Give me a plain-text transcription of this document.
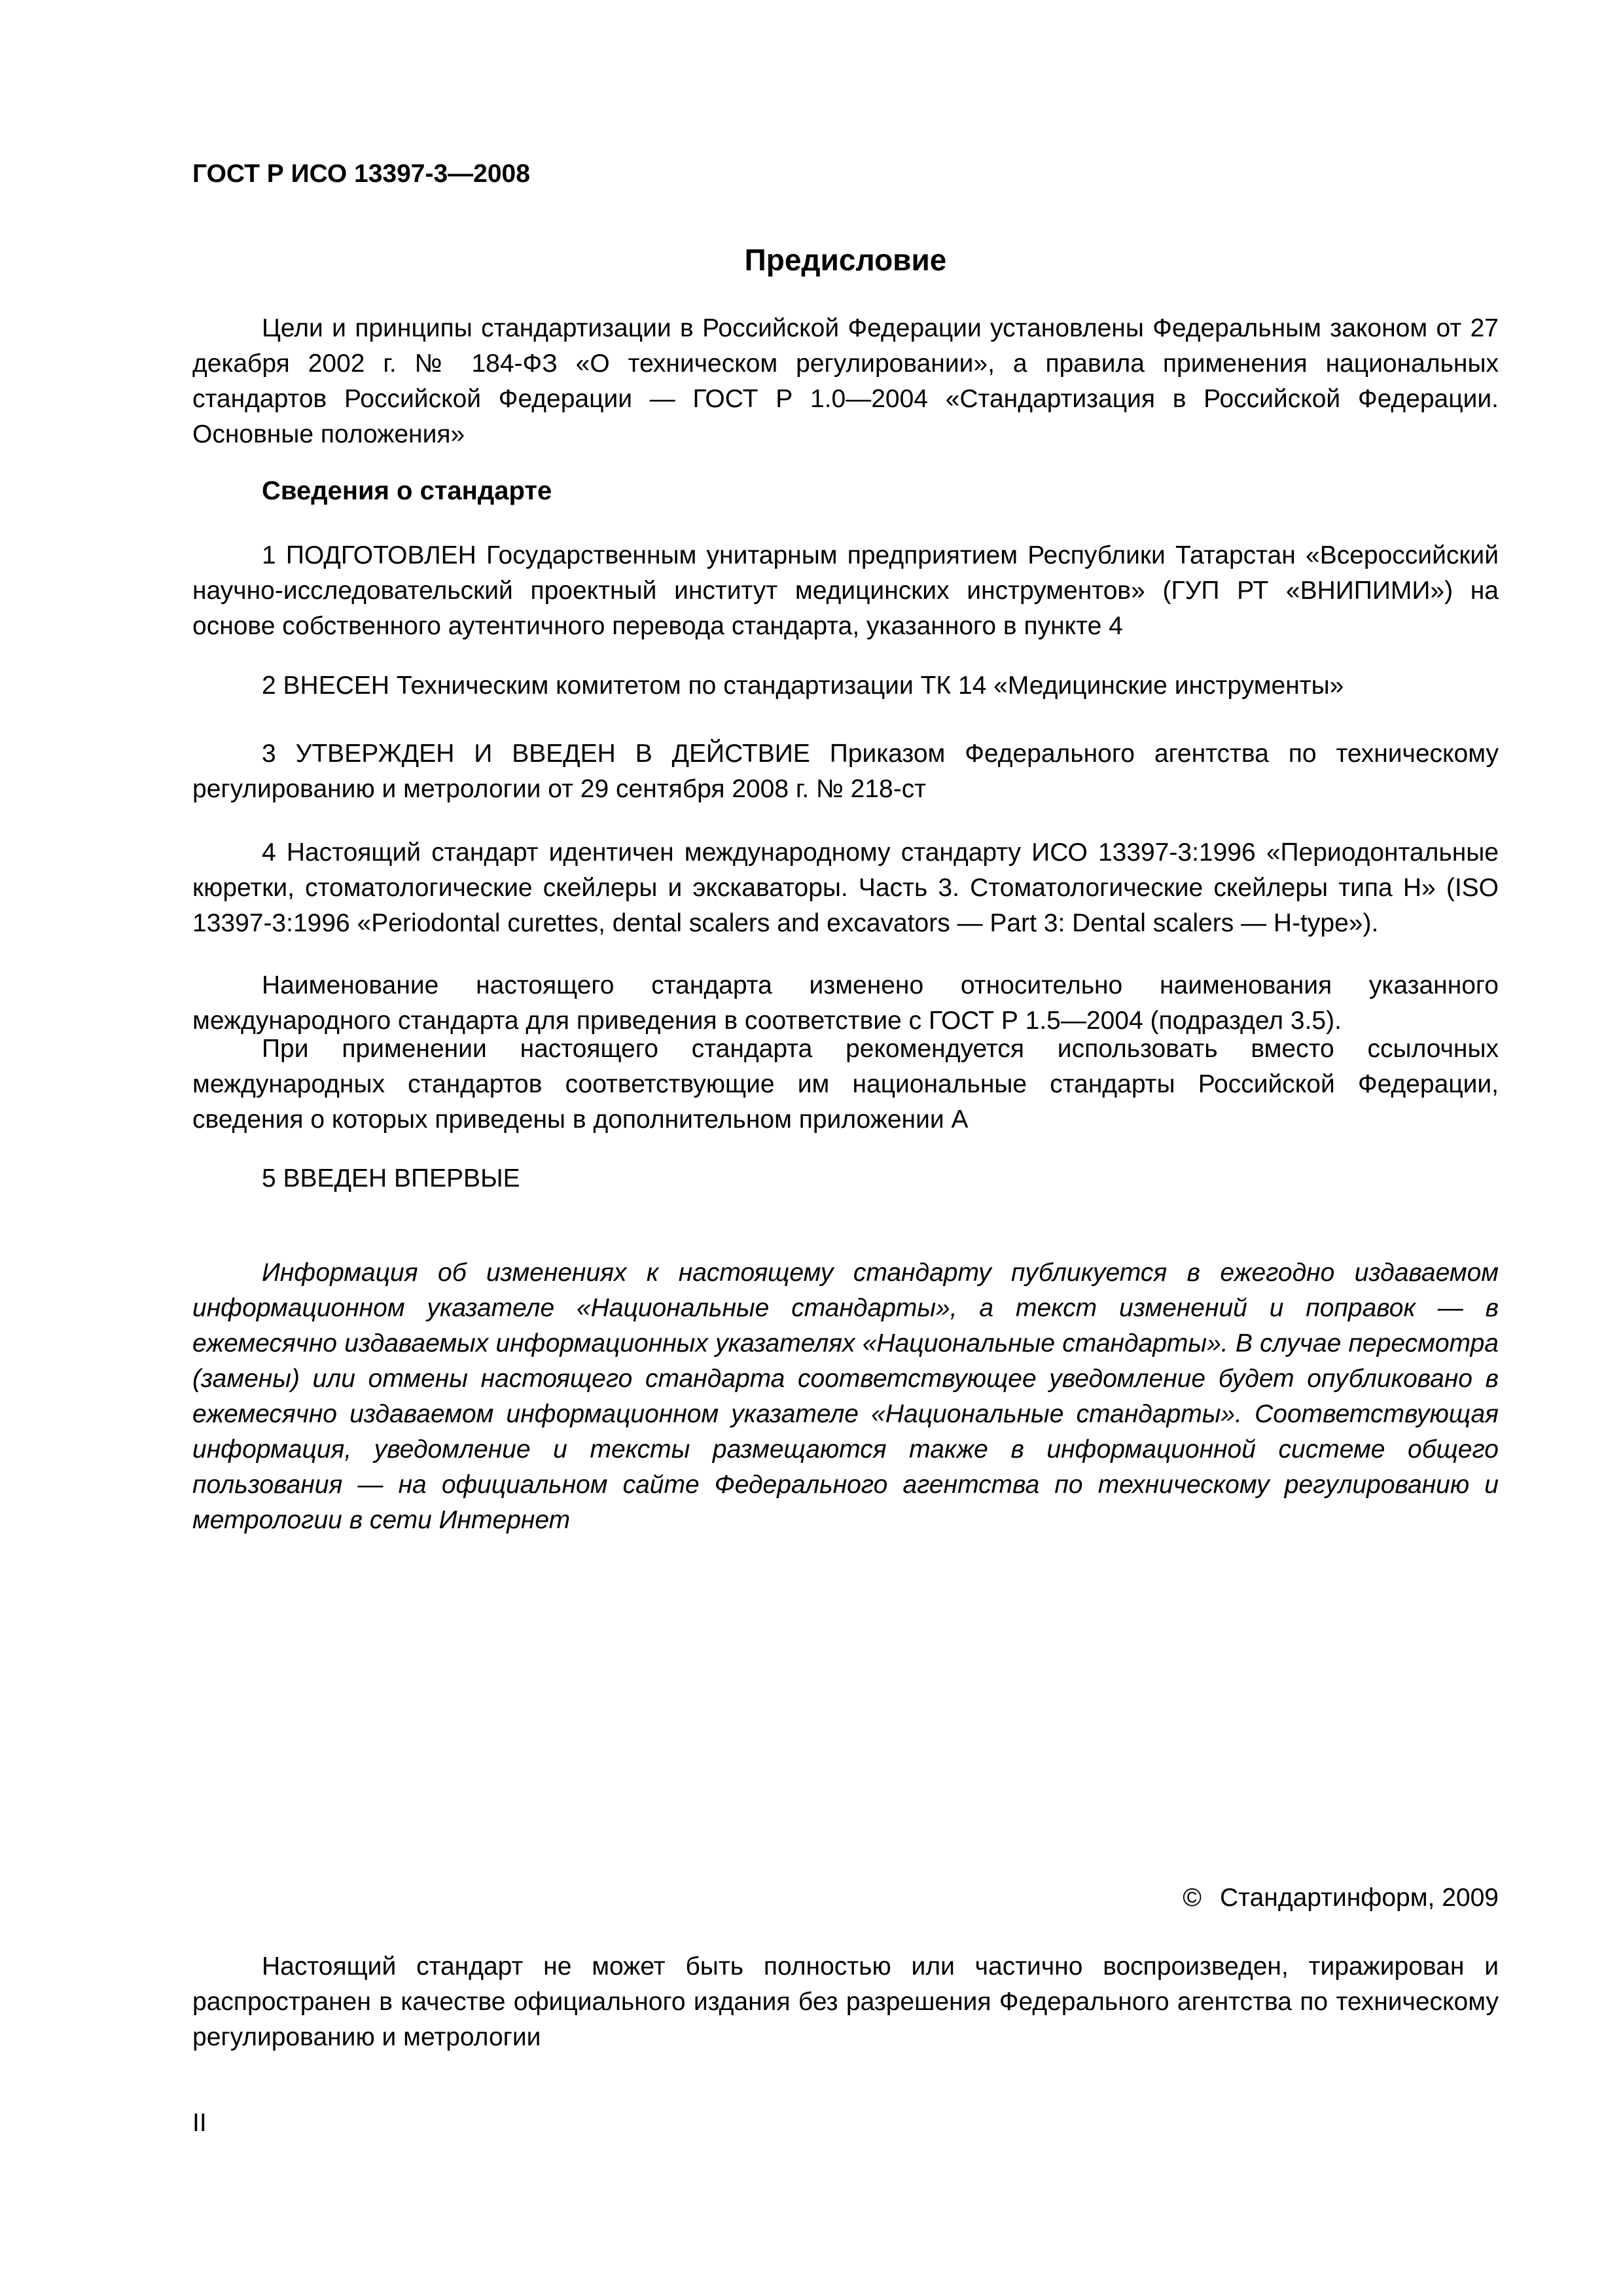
ГОСТ Р ИСО 13397-3—2008
Предисловие

Цели и принципы стандартизации в Российской Федерации установлены Федеральным законом от 27 декабря 2002 г. № 184-ФЗ «О техническом регулировании», а правила применения национальных стандартов Российской Федерации — ГОСТ Р 1.0—2004 «Стандартизация в Российской Федерации. Основные положения»

Сведения о стандарте

1 ПОДГОТОВЛЕН Государственным унитарным предприятием Республики Татарстан «Всероссийский научно-исследовательский проектный институт медицинских инструментов» (ГУП РТ «ВНИПИМИ») на основе собственного аутентичного перевода стандарта, указанного в пункте 4

2 ВНЕСЕН Техническим комитетом по стандартизации ТК 14 «Медицинские инструменты»

3 УТВЕРЖДЕН И ВВЕДЕН В ДЕЙСТВИЕ Приказом Федерального агентства по техническому регулированию и метрологии от 29 сентября 2008 г. № 218-ст

4 Настоящий стандарт идентичен международному стандарту ИСО 13397-3:1996 «Периодонтальные кюретки, стоматологические скейлеры и экскаваторы. Часть 3. Стоматологические скейлеры типа Н» (ISO 13397-3:1996 «Periodontal curettes, dental scalers and excavators — Part 3: Dental scalers — H-type»).

Наименование настоящего стандарта изменено относительно наименования указанного международного стандарта для приведения в соответствие с ГОСТ Р 1.5—2004 (подраздел 3.5).

При применении настоящего стандарта рекомендуется использовать вместо ссылочных международных стандартов соответствующие им национальные стандарты Российской Федерации, сведения о которых приведены в дополнительном приложении А

5 ВВЕДЕН ВПЕРВЫЕ

Информация об изменениях к настоящему стандарту публикуется в ежегодно издаваемом информационном указателе «Национальные стандарты», а текст изменений и поправок — в ежемесячно издаваемых информационных указателях «Национальные стандарты». В случае пересмотра (замены) или отмены настоящего стандарта соответствующее уведомление будет опубликовано в ежемесячно издаваемом информационном указателе «Национальные стандарты». Соответствующая информация, уведомление и тексты размещаются также в информационной системе общего пользования — на официальном сайте Федерального агентства по техническому регулированию и метрологии в сети Интернет

© Стандартинформ, 2009

Настоящий стандарт не может быть полностью или частично воспроизведен, тиражирован и распространен в качестве официального издания без разрешения Федерального агентства по техническому регулированию и метрологии

II
